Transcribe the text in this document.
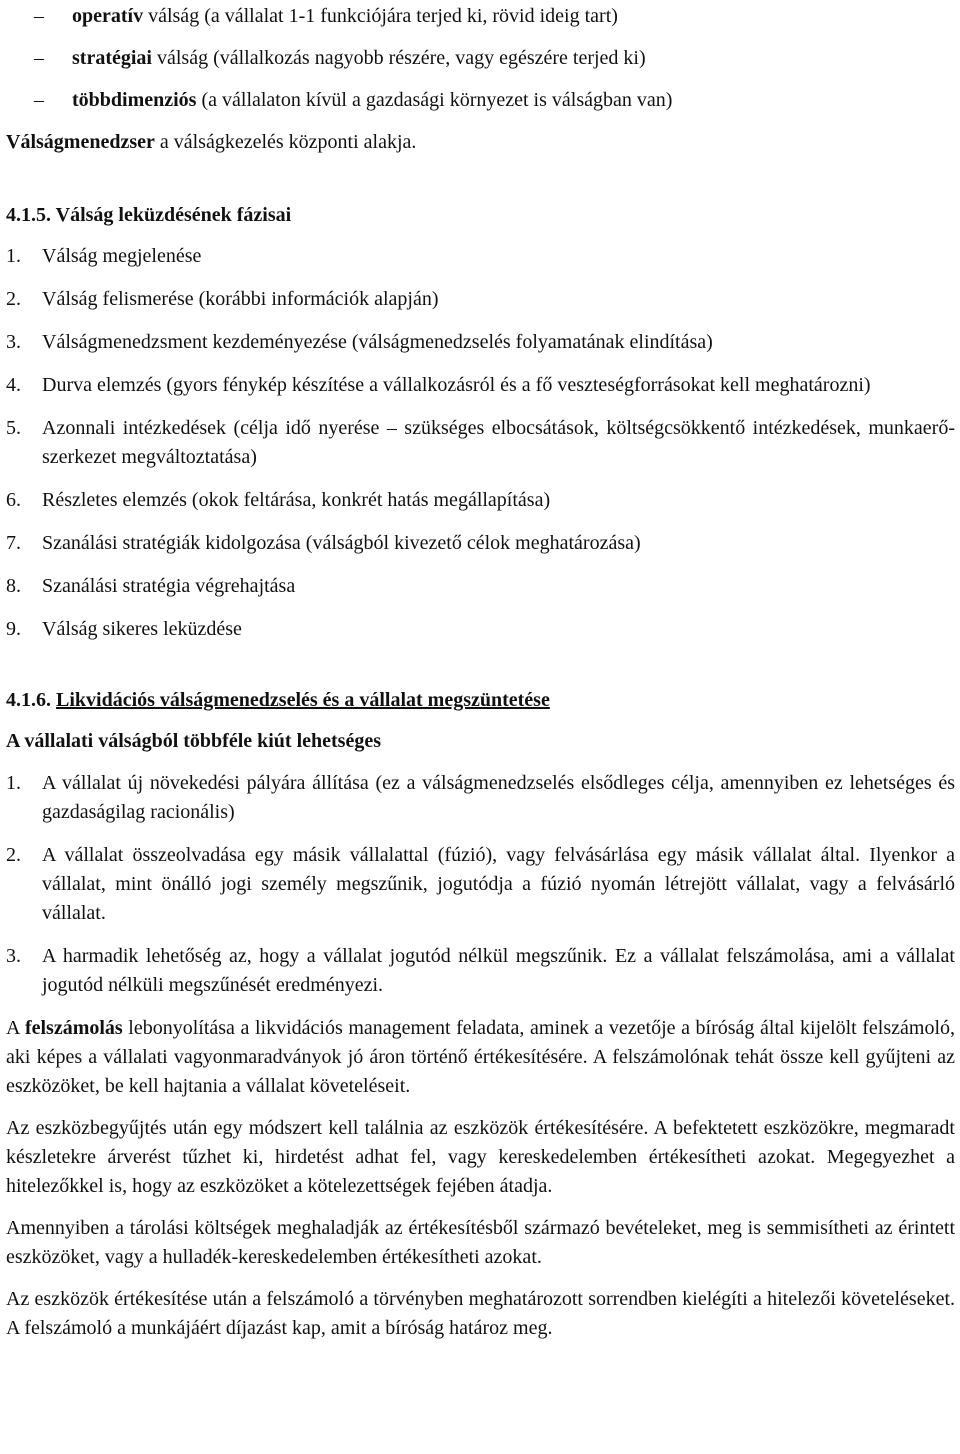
–	operatív válság (a vállalat 1-1 funkciójára terjed ki, rövid ideig tart)
–	stratégiai válság (vállalkozás nagyobb részére, vagy egészére terjed ki)
–	többdimenziós (a vállalaton kívül a gazdasági környezet is válságban van)

Válságmenedzser a válságkezelés központi alakja.

4.1.5. Válság leküzdésének fázisai
1.	Válság megjelenése
2.	Válság felismerése (korábbi információk alapján)
3.	Válságmenedzsment kezdeményezése (válságmenedzselés folyamatának elindítása)
4.	Durva elemzés (gyors fénykép készítése a vállalkozásról és a fő veszteségforrásokat kell meghatározni)
5.	Azonnali intézkedések (célja idő nyerése – szükséges elbocsátások, költségcsökkentő intézkedések, munkaerő-szerkezet megváltoztatása)
6.	Részletes elemzés (okok feltárása, konkrét hatás megállapítása)
7.	Szanálási stratégiák kidolgozása (válságból kivezető célok meghatározása)
8.	Szanálási stratégia végrehajtása
9.	Válság sikeres leküzdése
4.1.6. Likvidációs válságmenedzselés és a vállalat megszüntetése
A vállalati válságból többféle kiút lehetséges
1.	A vállalat új növekedési pályára állítása (ez a válságmenedzselés elsődleges célja, amennyiben ez lehetséges és gazdaságilag racionális)
2.	A vállalat összeolvadása egy másik vállalattal (fúzió), vagy felvásárlása egy másik vállalat által. Ilyenkor a vállalat, mint önálló jogi személy megszűnik, jogutódja a fúzió nyomán létrejött vállalat, vagy a felvásárló vállalat.
3.	A harmadik lehetőség az, hogy a vállalat jogutód nélkül megszűnik. Ez a vállalat felszámolása, ami a vállalat jogutód nélküli megszűnését eredményezi.

A felszámolás lebonyolítása a likvidációs management feladata, aminek a vezetője a bíróság által kijelölt felszámoló, aki képes a vállalati vagyonmaradványok jó áron történő értékesítésére. A felszámolónak tehát össze kell gyűjteni az eszközöket, be kell hajtania a vállalat követeléseit.

Az eszközbegyűjtés után egy módszert kell találnia az eszközök értékesítésére. A befektetett eszközökre, megmaradt készletekre árverést tűzhet ki, hirdetést adhat fel, vagy kereskedelemben értékesítheti azokat. Megegyezhet a hitelezőkkel is, hogy az eszközöket a kötelezettségek fejében átadja.

Amennyiben a tárolási költségek meghaladják az értékesítésből származó bevételeket, meg is semmisítheti az érintett eszközöket, vagy a hulladék-kereskedelemben értékesítheti azokat.

Az eszközök értékesítése után a felszámoló a törvényben meghatározott sorrendben kielégíti a hitelezői követeléseket. A felszámoló a munkájáért díjazást kap, amit a bíróság határoz meg.
